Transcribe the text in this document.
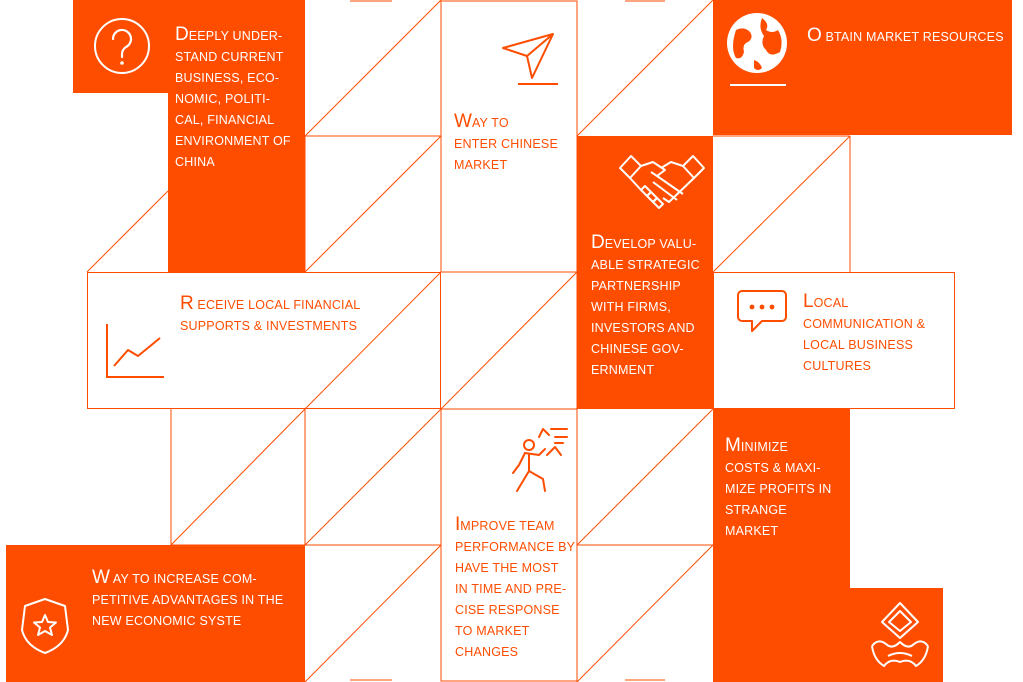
DEEPLY UNDER-
STAND CURRENT
BUSINESS, ECO-
NOMIC, POLITI-
CAL, FINANCIAL
ENVIRONMENT OF
CHINA
WAY TO
ENTER CHINESE
MARKET
O BTAIN MARKET RESOURCES
DEVELOP VALU-
ABLE STRATEGIC
PARTNERSHIP
WITH FIRMS,
INVESTORS AND
CHINESE GOV-
ERNMENT
R ECEIVE LOCAL FINANCIAL
SUPPORTS & INVESTMENTS
LOCAL
COMMUNICATION &
LOCAL BUSINESS
CULTURES
MINIMIZE
COSTS & MAXI-
MIZE PROFITS IN
STRANGE
MARKET
IMPROVE TEAM
PERFORMANCE BY
HAVE THE MOST
IN TIME AND PRE-
CISE RESPONSE
TO MARKET
CHANGES
W AY TO INCREASE COM-
PETITIVE ADVANTAGES IN THE
NEW ECONOMIC SYSTE
